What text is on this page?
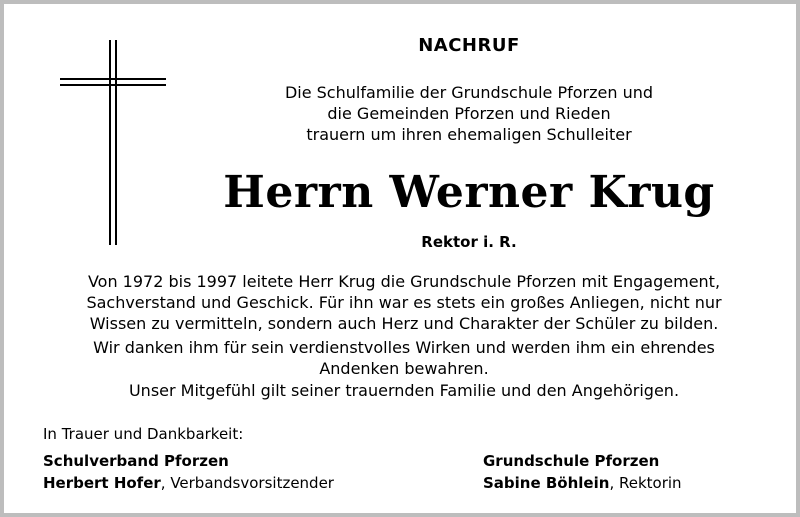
NACHRUF
Die Schulfamilie der Grundschule Pforzen und
die Gemeinden Pforzen und Rieden
trauern um ihren ehemaligen Schulleiter
Herrn Werner Krug
Rektor i. R.
Von 1972 bis 1997 leitete Herr Krug die Grundschule Pforzen mit Engagement,
Sachverstand und Geschick. Für ihn war es stets ein großes Anliegen, nicht nur
Wissen zu vermitteln, sondern auch Herz und Charakter der Schüler zu bilden.
Wir danken ihm für sein verdienstvolles Wirken und werden ihm ein ehrendes
Andenken bewahren.
Unser Mitgefühl gilt seiner trauernden Familie und den Angehörigen.
In Trauer und Dankbarkeit:
Schulverband Pforzen
Herbert Hofer, Verbandsvorsitzender
Grundschule Pforzen
Sabine Böhlein, Rektorin
